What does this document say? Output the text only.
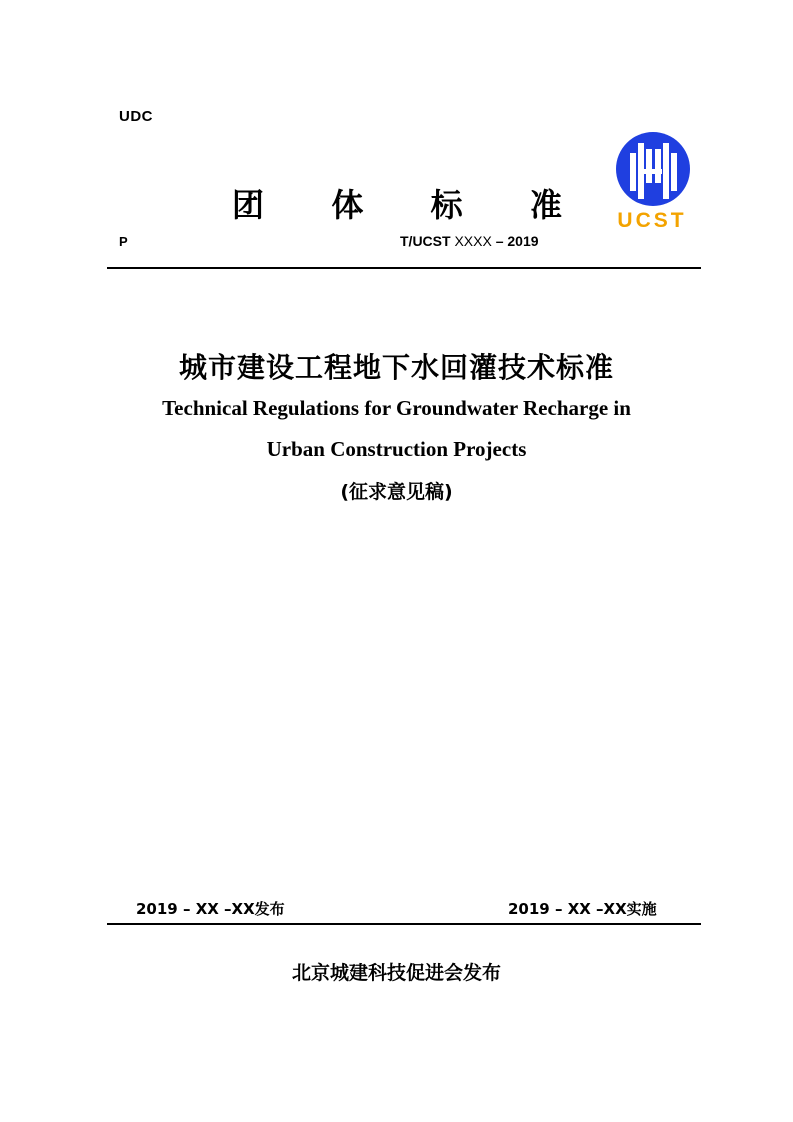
UDC
团 体 标 准	UCST
P	T/UCST XXXX – 2019
城市建设工程地下水回灌技术标准
Technical Regulations for Groundwater Recharge in
Urban Construction Projects
(征求意见稿)
2019 – XX –XX发布	2019 – XX –XX实施
北京城建科技促进会发布
